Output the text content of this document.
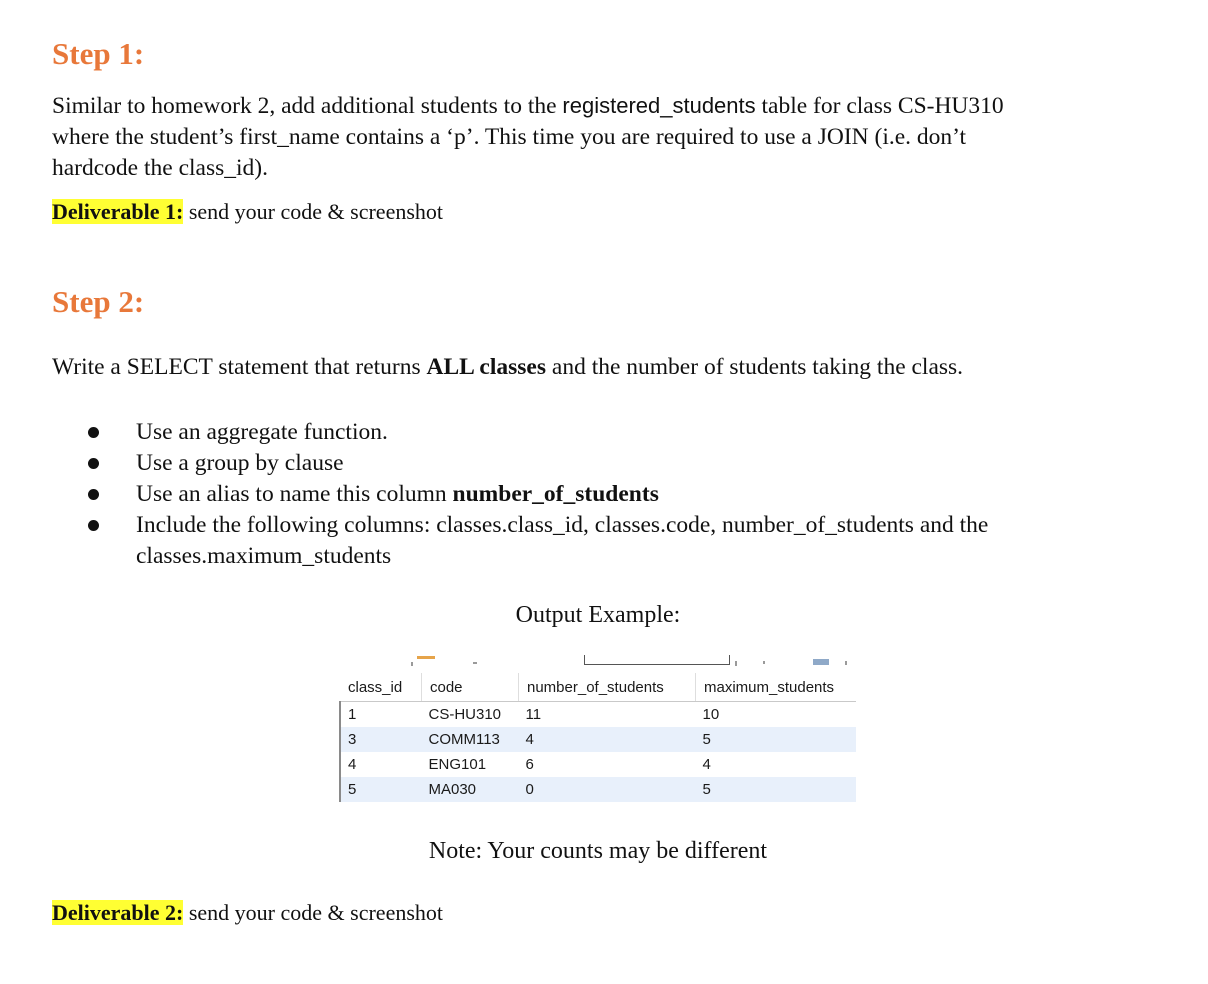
Step 1:

Similar to homework 2, add additional students to the registered_students table for class CS-HU310

where the student’s first_name contains a ‘p’. This time you are required to use a JOIN (i.e. don’t

hardcode the class_id).

Deliverable 1: send your code & screenshot

Step 2:

Write a SELECT statement that returns ALL classes and the number of students taking the class.

Use an aggregate function.
Use a group by clause
Use an alias to name this column number_of_students
Include the following columns: classes.class_id, classes.code, number_of_students and the
classes.maximum_students
Output Example:
class_id	code	number_of_students	maximum_students
1	CS-HU310	11	10
3	COMM113	4	5
4	ENG101	6	4
5	MA030	0	5
Note: Your counts may be different

Deliverable 2: send your code & screenshot
